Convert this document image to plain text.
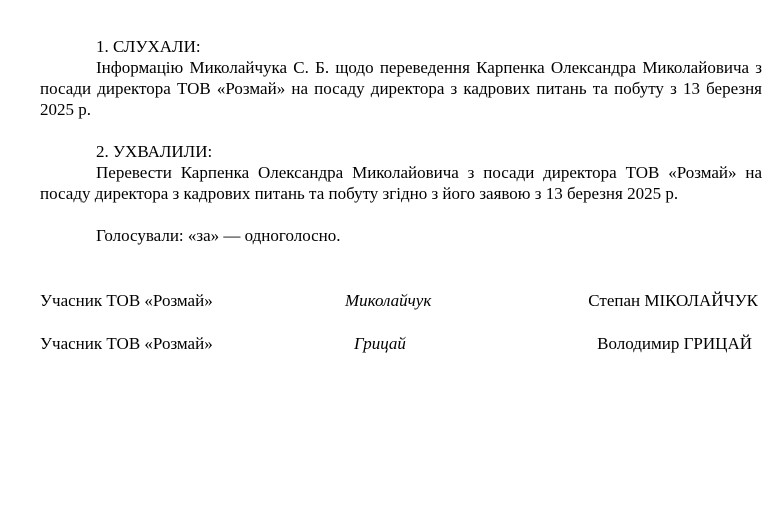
1. СЛУХАЛИ:

Інформацію Миколайчука С. Б. щодо переведення Карпенка Олександра Миколайовича з посади директора ТОВ «Розмай» на посаду директора з кадрових питань та побуту з 13 березня 2025 р.

2. УХВАЛИЛИ:

Перевести Карпенка Олександра Миколайовича з посади директора ТОВ «Розмай» на посаду директора з кадрових питань та побуту згідно з його заявою з 13 березня 2025 р.

Голосували: «за» — одноголосно.

Учасник ТОВ «Розмай»	Миколайчук	Степан МІКОЛАЙЧУК
Учасник ТОВ «Розмай»	Грицай	Володимир ГРИЦАЙ
